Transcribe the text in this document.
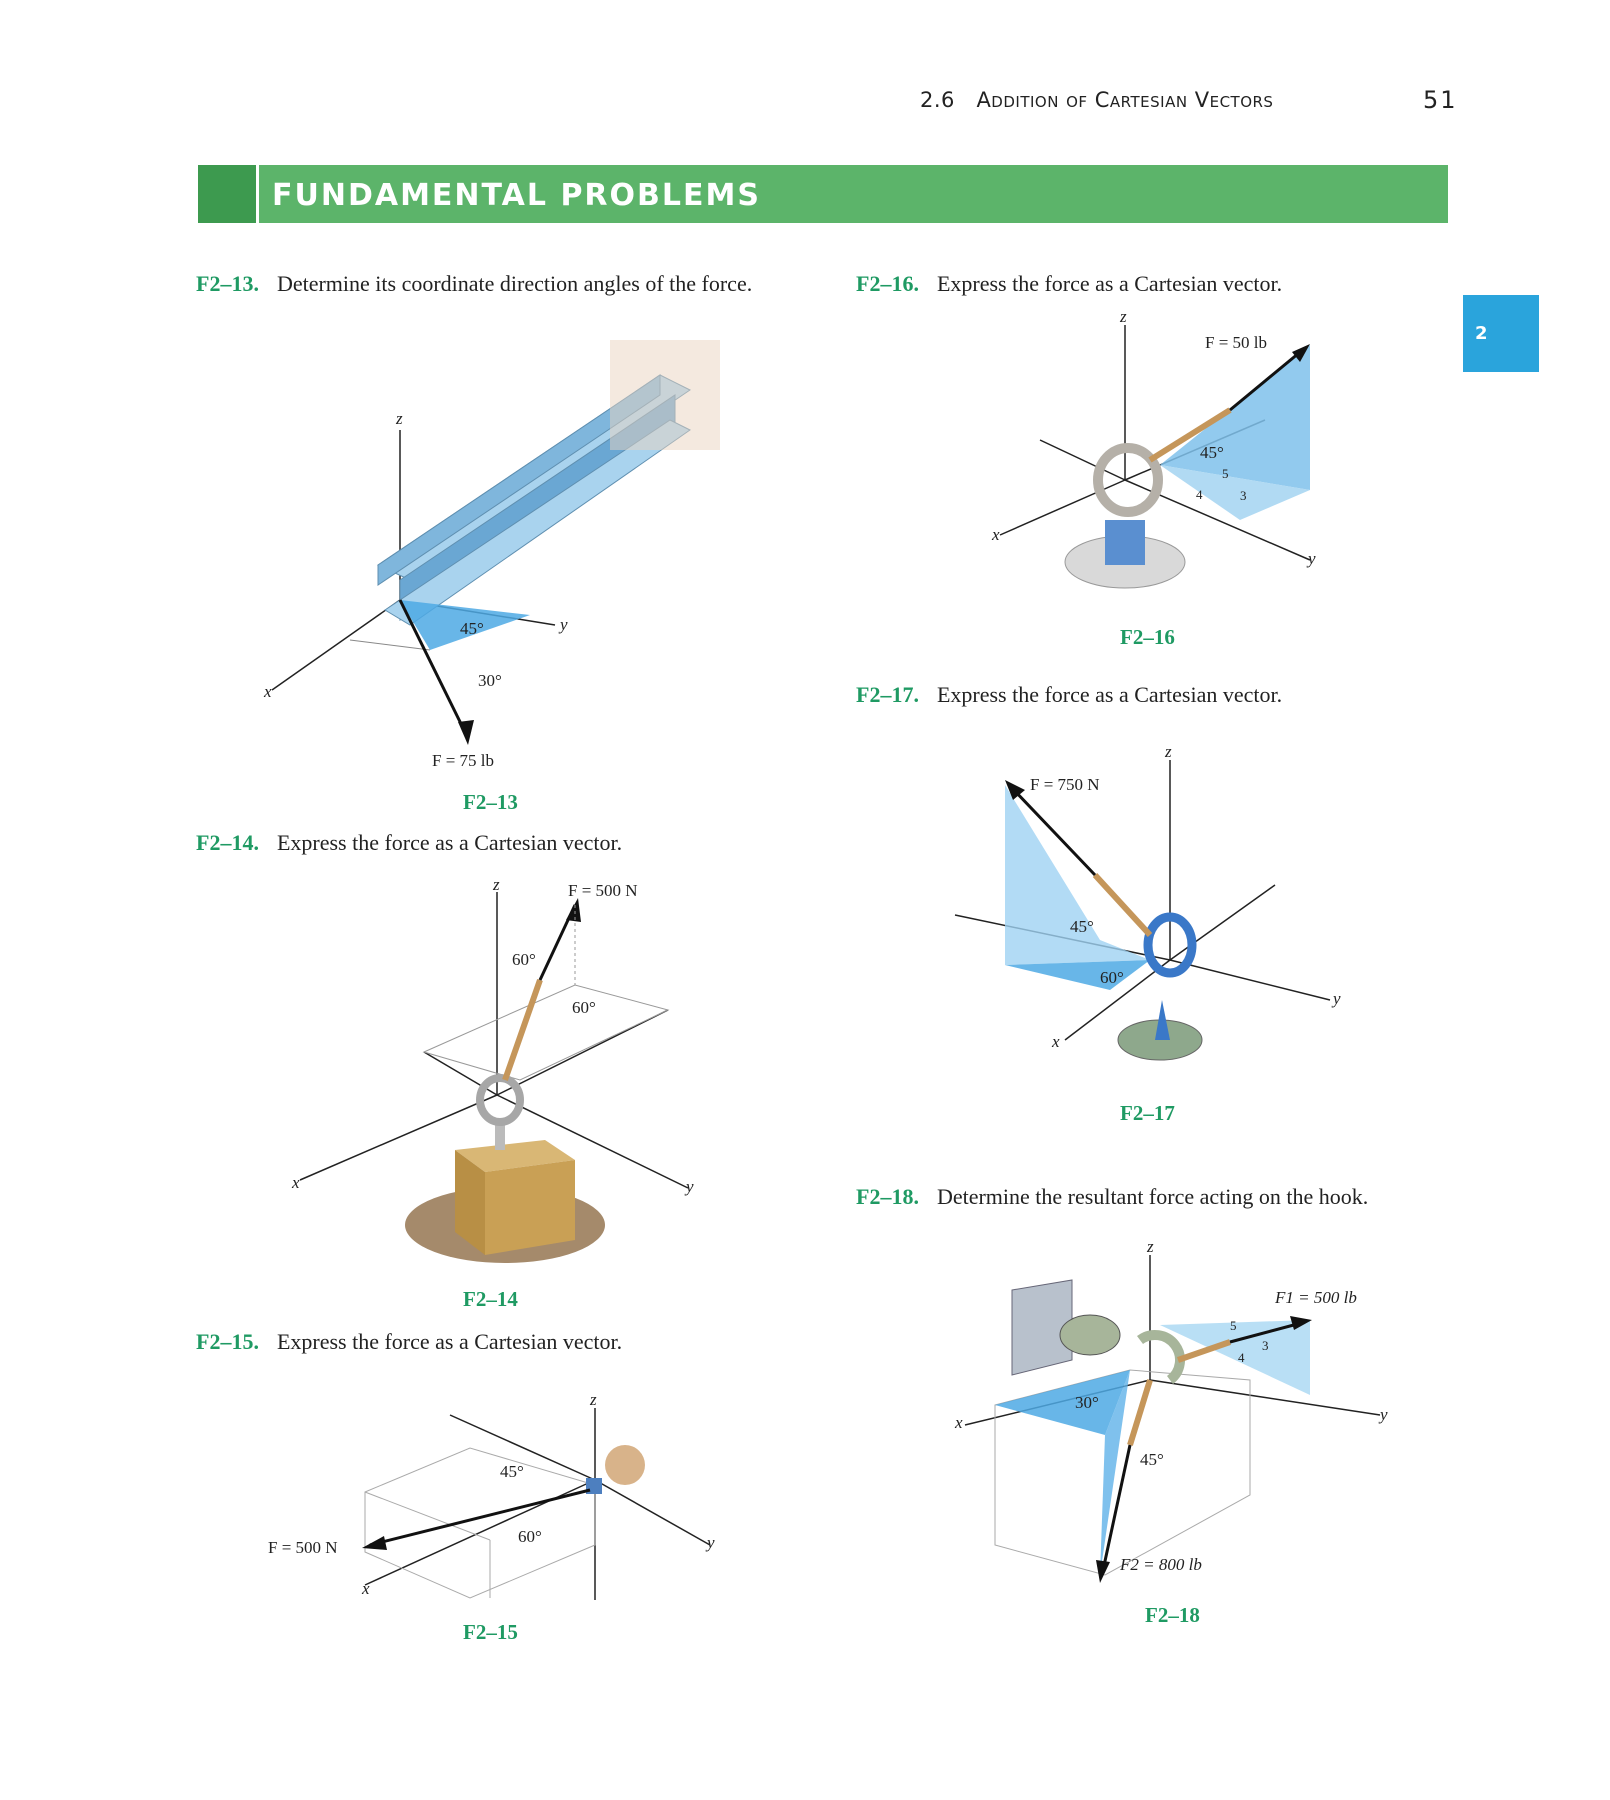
2.6 Addition of Cartesian Vectors	51
FUNDAMENTAL PROBLEMS
2
F2–13. Determine its coordinate direction angles of the force.
z
x
y
45°
30°
F = 75 lb
F2–13
F2–14. Express the force as a Cartesian vector.
z
x	y
60°
60°
F = 500 N
F2–14
F2–15. Express the force as a Cartesian vector.
z
x
y
45°
60°
F = 500 N
F2–15
F2–16. Express the force as a Cartesian vector.
z
x
y
45°
5
4	3
F = 50 lb
F2–16
F2–17. Express the force as a Cartesian vector.
z
x
y
45°
60°
F = 750 N
F2–17
F2–18. Determine the resultant force acting on the hook.
z
x	y
30°
45°
5
4
3
F1 = 500 lb
F2 = 800 lb
F2–18
